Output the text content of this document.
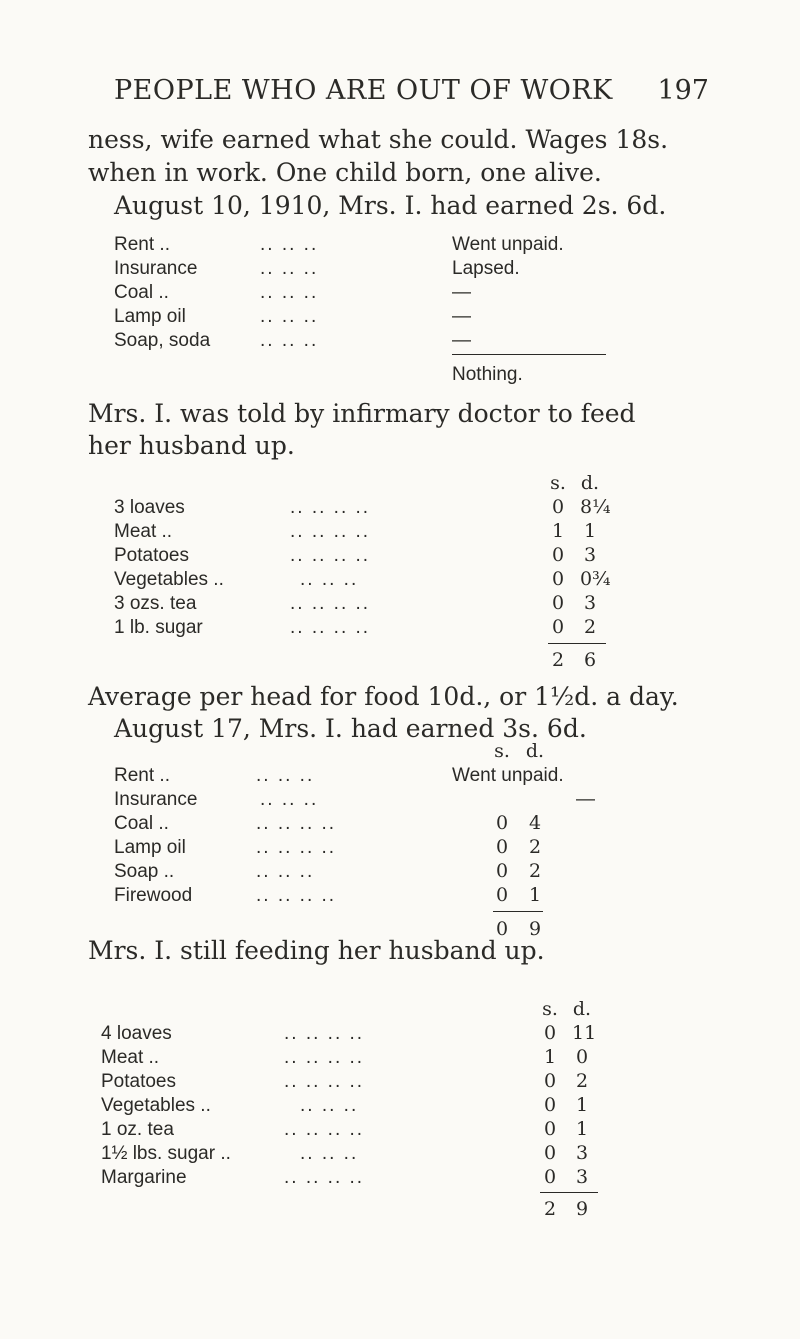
PEOPLE WHO ARE OUT OF WORK 197
ness, wife earned what she could. Wages 18s.
when in work. One child born, one alive.
August 10, 1910, Mrs. I. had earned 2s. 6d.
Rent ..	.. .. ..	Went unpaid.
Insurance	.. .. ..	Lapsed.
Coal ..	.. .. ..	—
Lamp oil	.. .. ..	—
Soap, soda	.. .. ..	—
Nothing.
Mrs. I. was told by infirmary doctor to feed
her husband up.
s. d.
3 loaves	.. .. .. ..	0 8¼
Meat ..	.. .. .. ..	1 1
Potatoes	.. .. .. ..	0 3
Vegetables ..	.. .. ..	0 0¾
3 ozs. tea	.. .. .. ..	0 3
1 lb. sugar	.. .. .. ..	0 2
2 6
Average per head for food 10d., or 1½d. a day.
August 17, Mrs. I. had earned 3s. 6d.
s. d.
Rent ..	.. .. ..	Went unpaid.
Insurance	.. .. ..	—
Coal ..	.. .. .. ..	0 4
Lamp oil	.. .. .. ..	0 2
Soap ..	.. .. ..	0 2
Firewood	.. .. .. ..	0 1
0 9
Mrs. I. still feeding her husband up.
s. d.
4 loaves	.. .. .. ..	0 11
Meat ..	.. .. .. ..	1 0
Potatoes	.. .. .. ..	0 2
Vegetables ..	.. .. ..	0 1
1 oz. tea	.. .. .. ..	0 1
1½ lbs. sugar ..	.. .. ..	0 3
Margarine	.. .. .. ..	0 3
2 9
